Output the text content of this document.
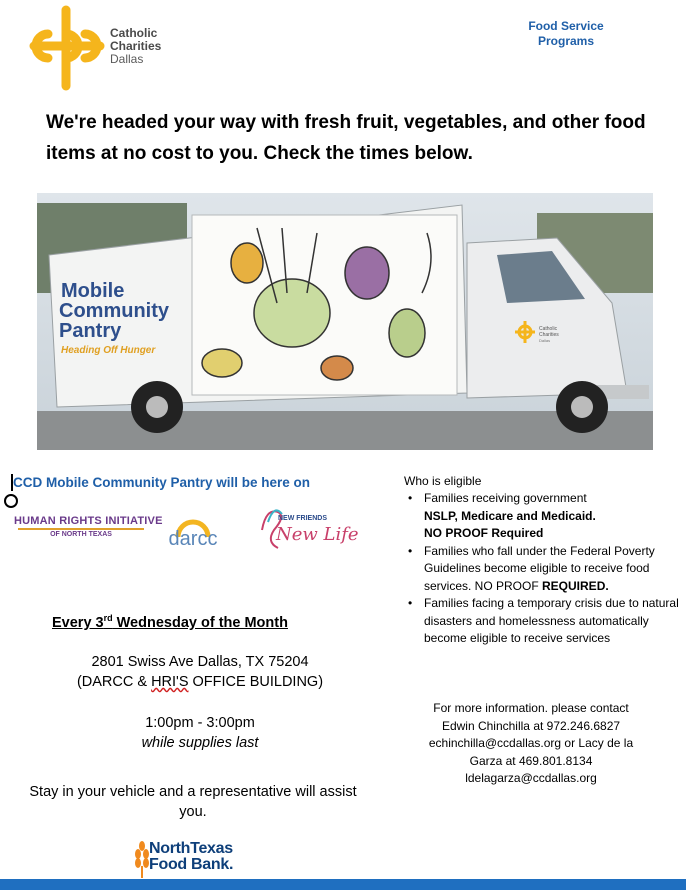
Catholic
Charities
Dallas
Food Service
Programs
We're headed your way with fresh fruit, vegetables, and other food items at no cost to you. Check the times below.
Mobile
Community
Pantry
Heading Off Hunger
Catholic
Charities
Dallas
CCD Mobile Community Pantry will be here on
HUMAN RIGHTS INITIATIVE
OF NORTH TEXAS	darcc
NEW FRIENDS
New Life
Every 3rd Wednesday of the Month
2801 Swiss Ave Dallas, TX 75204
(DARCC & HRI'S OFFICE BUILDING)
1:00pm - 3:00pm
while supplies last
Stay in your vehicle and a representative will assist you.
NorthTexas
Food Bank.
Who is eligible
• Families receiving government
NSLP, Medicare and Medicaid.
NO PROOF Required
• Families who fall under the Federal Poverty Guidelines become eligible to receive food services. NO PROOF REQUIRED.
• Families facing a temporary crisis due to natural disasters and homelessness automatically become eligible to receive services
For more information. please contact
Edwin Chinchilla at 972.246.6827
echinchilla@ccdallas.org or Lacy de la
Garza at 469.801.8134
ldelagarza@ccdallas.org
